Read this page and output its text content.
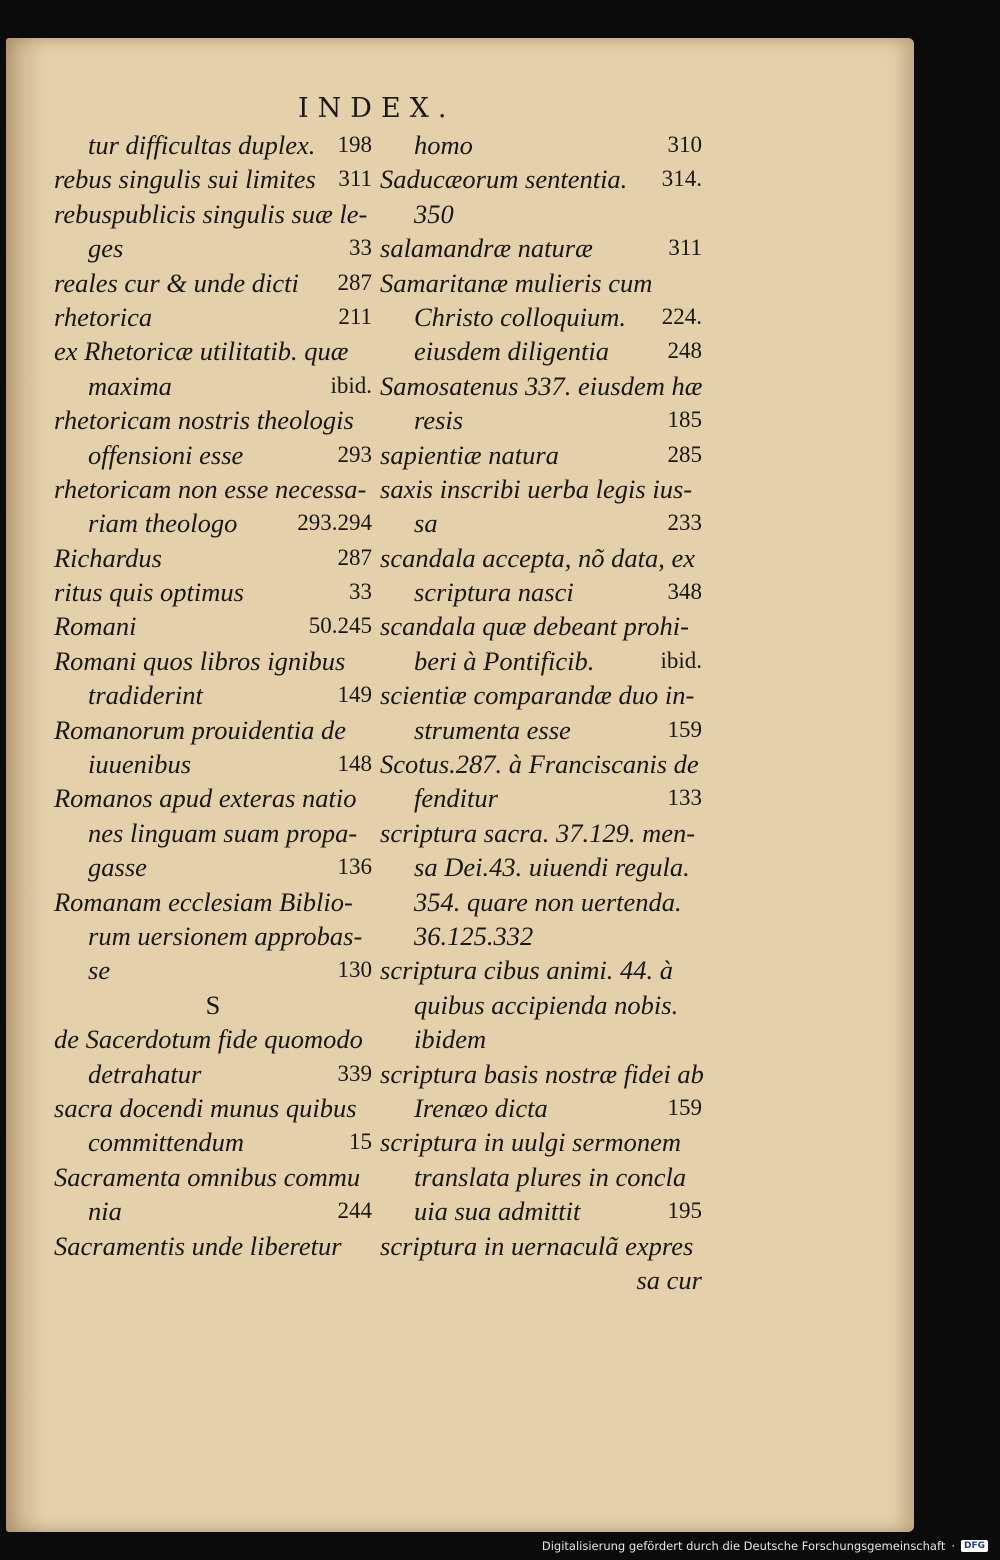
INDEX.
tur difficultas duplex. 198
rebus singulis sui limites 311
rebuspublicis singulis suæ le-
ges	33
reales cur & unde dicti 287
rhetorica	211
ex Rhetoricæ utilitatib. quæ
maxima	ibid.
rhetoricam nostris theologis
offensioni esse	293
rhetoricam non esse necessa-
riam theologo	293.294
Richardus	287
ritus quis optimus	33
Romani	50.245
Romani quos libros ignibus
tradiderint	149
Romanorum prouidentia de
iuuenibus	148
Romanos apud exteras natio
nes linguam suam propa-
gasse	136
Romanam ecclesiam Biblio-
rum uersionem approbas-
se	130
S
de Sacerdotum fide quomodo
detrahatur	339
sacra docendi munus quibus
committendum	15
Sacramenta omnibus commu
nia	244
Sacramentis unde liberetur
homo	310
Saducæorum sententia. 314.
350
salamandræ naturæ	311
Samaritanæ mulieris cum
Christo colloquium. 224.
eiusdem diligentia	248
Samosatenus 337. eiusdem hæ
resis	185
sapientiæ natura	285
saxis inscribi uerba legis ius-
sa	233
scandala accepta, nõ data, ex
scriptura nasci	348
scandala quæ debeant prohi-
beri à Pontificib.	ibid.
scientiæ comparandæ duo in-
strumenta esse	159
Scotus.287. à Franciscanis de
fenditur	133
scriptura sacra. 37.129. men-
sa Dei.43. uiuendi regula.
354. quare non uertenda.
36.125.332
scriptura cibus animi. 44. à
quibus accipienda nobis.
ibidem
scriptura basis nostræ fidei ab
Irenæo dicta	159
scriptura in uulgi sermonem
translata plures in concla
uia sua admittit	195
scriptura in uernaculã expres
sa cur
Digitalisierung gefördert durch die Deutsche Forschungsgemeinschaft ·	DFG
